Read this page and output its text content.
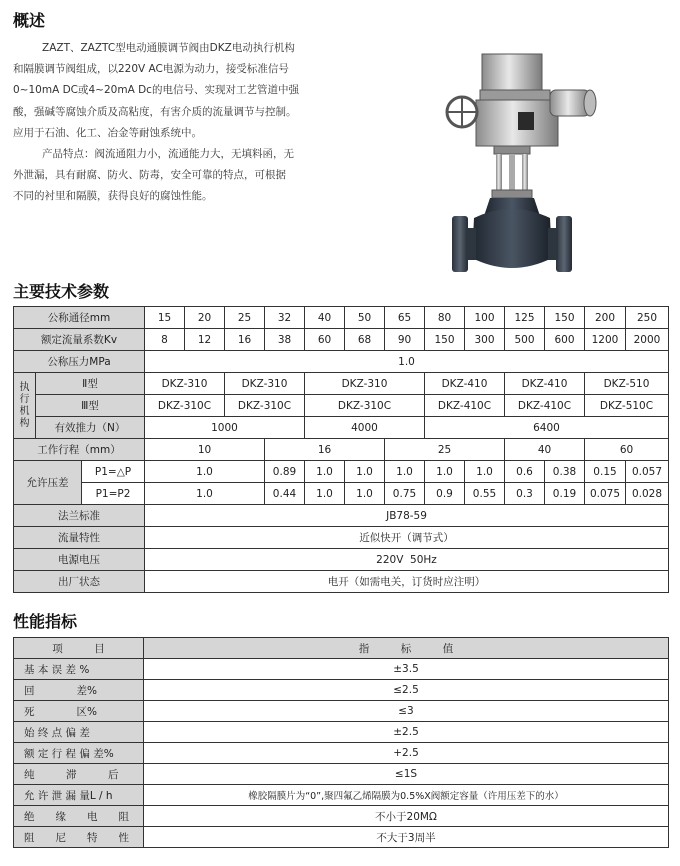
概述

ZAZT、ZAZTC型电动通膜调节阀由DKZ电动执行机构

和隔膜调节阀组成，以220V AC电源为动力，接受标准信号

0~10mA DC或4~20mA Dc的电信号、实现对工艺管道中强

酸，强碱等腐蚀介质及高粘度，有害介质的流量调节与控制。

应用于石油、化工、冶金等耐蚀系统中。

产品特点：阀流通阻力小，流通能力大，无填料函，无

外泄漏，具有耐腐、防火、防毒，安全可靠的特点，可根据

不同的衬里和隔膜，获得良好的腐蚀性能。

主要技术参数
公称通径mm			15	20	25	32	40	50	65	80	100	125	150	200	250
额定流量系数Kv			8	12	16	38	60	68	90	150	300	500	600	1200	2000
公称压力MPa			1.0												
执行机构	Ⅱ型		DKZ-310		DKZ-310		DKZ-310			DKZ-410		DKZ-410		DKZ-510	
	Ⅲ型		DKZ-310C		DKZ-310C		DKZ-310C			DKZ-410C		DKZ-410C		DKZ-510C	
	有效推力（N）		1000				4000			6400					
工作行程（mm）			10			16			25			40		60	
允许压差		P1=△P	1.0			0.89	1.0	1.0	1.0	1.0	1.0	0.6	0.38	0.15	0.057
		P1=P2	1.0			0.44	1.0	1.0	0.75	0.9	0.55	0.3	0.19	0.075	0.028
法兰标准			JB78-59												
流量特性			近似快开（调节式）												
电源电压			220V  50Hz												
出厂状态			电开（如需电关，订货时应注明）												
性能指标
项　　　目	指　　　标　　　值
基 本 误 差 %	±3.5
回　　　　差%	≤2.5
死　　　　区%	≤3
始 终 点 偏 差	±2.5
额 定 行 程 偏 差%	+2.5
纯　　　滞　　　后	≤1S
允 许 泄 漏 量L / h	橡胶隔膜片为“0”,聚四氟乙烯隔膜为0.5%X阀额定容量（许用压差下的水）
绝　　缘　　电　　阻	不小于20MΩ
阻　　尼　　特　　性	不大于3周半
